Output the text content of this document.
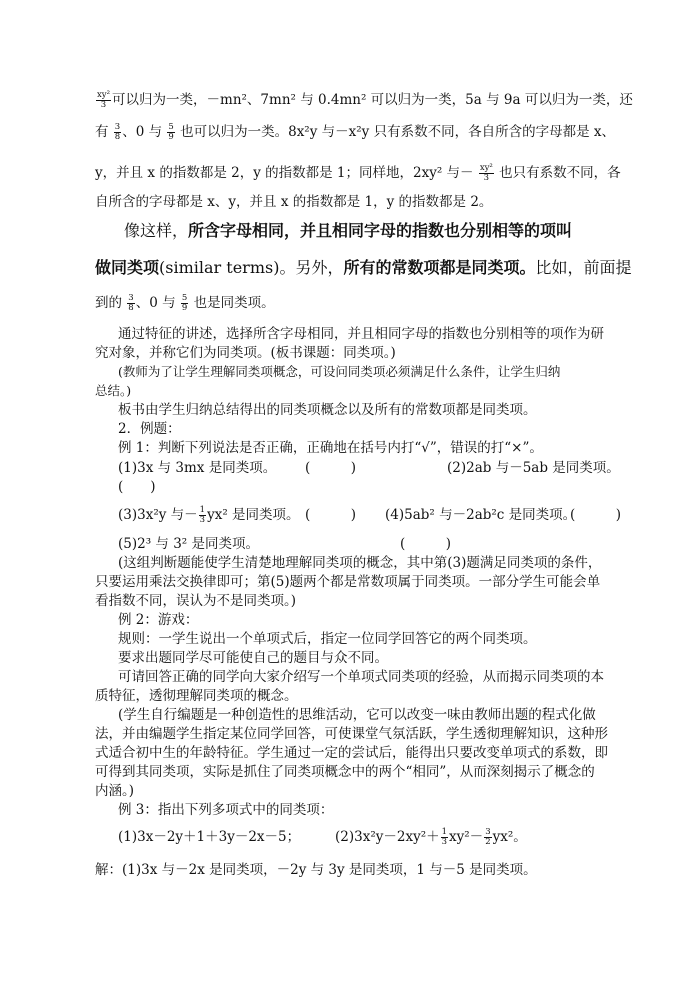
$\frac{\text{xy²}}{3}$ 可以归为一类，－mn²、7mn² 与 0.4mn² 可以归为一类，5a 与 9a 可以归为一类，还
有 $\frac{3}{8}$ 、0 与 $\frac{5}{9}$ 也可以归为一类。8x²y 与－x²y 只有系数不同，各自所含的字母都是 x、
y，并且 x 的指数都是 2，y 的指数都是 1；同样地，2xy² 与－ $\frac{\text{xy²}}{3}$ 也只有系数不同，各
自所含的字母都是 x、y，并且 x 的指数都是 1，y 的指数都是 2。
像这样，所含字母相同，并且相同字母的指数也分别相等的项叫
做同类项(similar terms)。另外，所有的常数项都是同类项。比如，前面提
到的 $\frac{3}{8}$ 、0 与 $\frac{5}{9}$ 也是同类项。
通过特征的讲述，选择所含字母相同，并且相同字母的指数也分别相等的项作为研
究对象，并称它们为同类项。(板书课题：同类项。)
(教师为了让学生理解同类项概念，可设问同类项必须满足什么条件，让学生归纳
总结。)
板书由学生归纳总结得出的同类项概念以及所有的常数项都是同类项。
2．例题：
例 1：判断下列说法是否正确，正确地在括号内打“√”，错误的打“×”。
(1)3x 与 3mx 是同类项。 (　　　)	(2)2ab 与－5ab 是同类项。
(　　)
(3)3x²y 与－ $\frac{1}{3} yx^2$ 是同类项。 (　　　) (4)5ab² 与－2ab²c 是同类项。
(　　　)
(5)2³ 与 3² 是同类项。	(　　　)
(这组判断题能使学生清楚地理解同类项的概念，其中第(3)题满足同类项的条件，
只要运用乘法交换律即可；第(5)题两个都是常数项属于同类项。一部分学生可能会单
看指数不同，误认为不是同类项。)
例 2：游戏：
规则：一学生说出一个单项式后，指定一位同学回答它的两个同类项。
要求出题同学尽可能使自己的题目与众不同。
可请回答正确的同学向大家介绍写一个单项式同类项的经验，从而揭示同类项的本
质特征，透彻理解同类项的概念。
(学生自行编题是一种创造性的思维活动，它可以改变一味由教师出题的程式化做
法，并由编题学生指定某位同学回答，可使课堂气氛活跃，学生透彻理解知识，这种形
式适合初中生的年龄特征。学生通过一定的尝试后，能得出只要改变单项式的系数，即
可得到其同类项，实际是抓住了同类项概念中的两个“相同”，从而深刻揭示了概念的
内涵。)
例 3：指出下列多项式中的同类项：
(1)3x－2y＋1＋3y－2x－5；	$(2)3x^2y-2xy^2+ \frac{1}{3} xy^2- \frac{3}{2} yx^2$。
解：(1)3x 与－2x 是同类项，－2y 与 3y 是同类项，1 与－5 是同类项。
